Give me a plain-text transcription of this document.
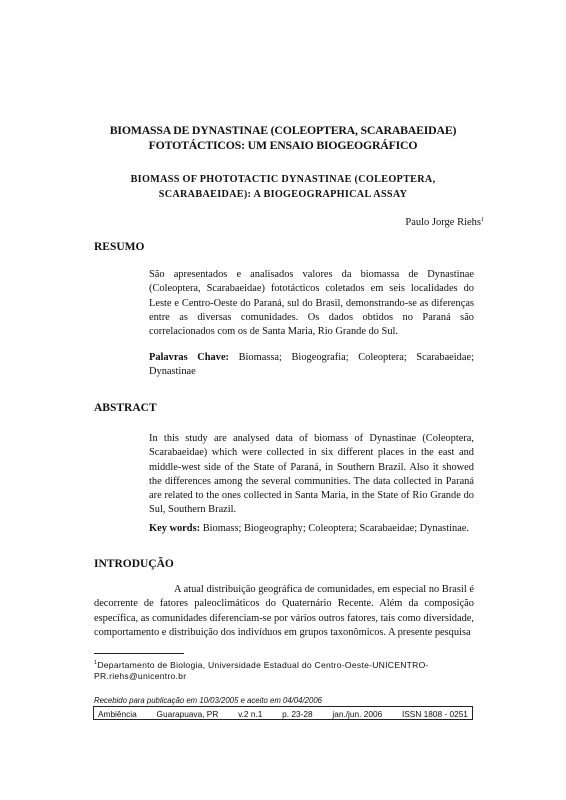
BIOMASSA DE DYNASTINAE (COLEOPTERA, SCARABAEIDAE)
FOTOTÁCTICOS: UM ENSAIO BIOGEOGRÁFICO
BIOMASS OF PHOTOTACTIC DYNASTINAE (COLEOPTERA,
SCARABAEIDAE): A BIOGEOGRAPHICAL ASSAY
Paulo Jorge Riehs$^1$
RESUMO
São apresentados e analisados valores da biomassa de Dynastinae (Coleoptera, Scarabaeidae) fototácticos coletados em seis localidades do Leste e Centro-Oeste do Paraná, sul do Brasil, demonstrando-se as diferenças entre as diversas comunidades. Os dados obtidos no Paraná são correlacionados com os de Santa Maria, Rio Grande do Sul.
Palavras Chave: Biomassa; Biogeografia; Coleoptera; Scarabaeidae; Dynastinae
ABSTRACT
In this study are analysed data of biomass of Dynastinae (Coleoptera, Scarabaeidae) which were collected in six different places in the east and middle-west side of the State of Paraná, in Southern Brazil. Also it showed the differences among the several communities. The data collected in Paraná are related to the ones collected in Santa Maria, in the State of Rio Grande do Sul, Southern Brazil.
Key words: Biomass; Biogeography; Coleoptera; Scarabaeidae; Dynastinae.
INTRODUÇÃO
A atual distribuição geográfica de comunidades, em especial no Brasil é decorrente de fatores paleoclimáticos do Quaternário Recente. Além da composição específica, as comunidades diferenciam-se por vários outros fatores, tais como diversidade, comportamento e distribuição dos indivíduos em grupos taxonômicos. A presente pesquisa
$^1$Departamento de Biologia, Universidade Estadual do Centro-Oeste-UNICENTRO-PR.riehs@unicentro.br
Recebido para publicação em 10/03/2005 e aceito em 04/04/2006
Ambiência Guarapuava, PR v.2 n.1 p. 23-28 jan./jun. 2006 ISSN 1808 - 0251
